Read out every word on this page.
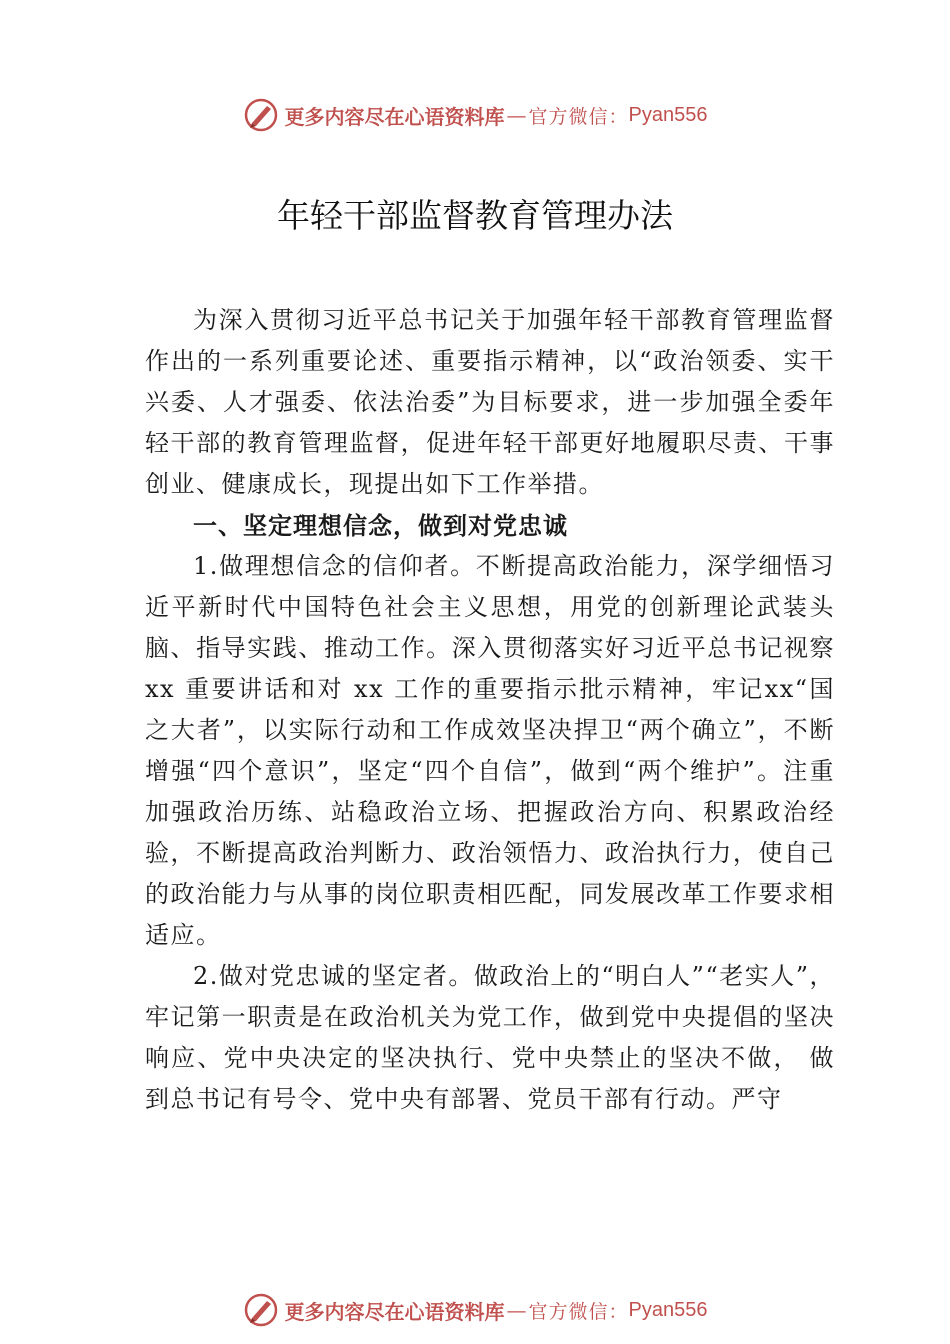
更多内容尽在心语资料库 — 官方微信： Pyan556
年轻干部监督教育管理办法

为深入贯彻习近平总书记关于加强年轻干部教育管理监督作出的一系列重要论述、重要指示精神，以“政治领委、实干兴委、人才强委、依法治委”为目标要求，进一步加强全委年轻干部的教育管理监督，促进年轻干部更好地履职尽责、干事创业、健康成长，现提出如下工作举措。

一、坚定理想信念，做到对党忠诚

1.做理想信念的信仰者。不断提高政治能力，深学细悟习近平新时代中国特色社会主义思想，用党的创新理论武装头脑、指导实践、推动工作。深入贯彻落实好习近平总书记视察 xx 重要讲话和对 xx 工作的重要指示批示精神，牢记xx“国之大者”，以实际行动和工作成效坚决捍卫“两个确立”，不断增强“四个意识”，坚定“四个自信”，做到“两个维护”。注重加强政治历练、站稳政治立场、把握政治方向、积累政治经验，不断提高政治判断力、政治领悟力、政治执行力，使自己的政治能力与从事的岗位职责相匹配，同发展改革工作要求相适应。

2.做对党忠诚的坚定者。做政治上的“明白人”“老实人”，牢记第一职责是在政治机关为党工作，做到党中央提倡的坚决响应、党中央决定的坚决执行、党中央禁止的坚决不做， 做到总书记有号令、党中央有部署、党员干部有行动。严守

更多内容尽在心语资料库 — 官方微信： Pyan556
